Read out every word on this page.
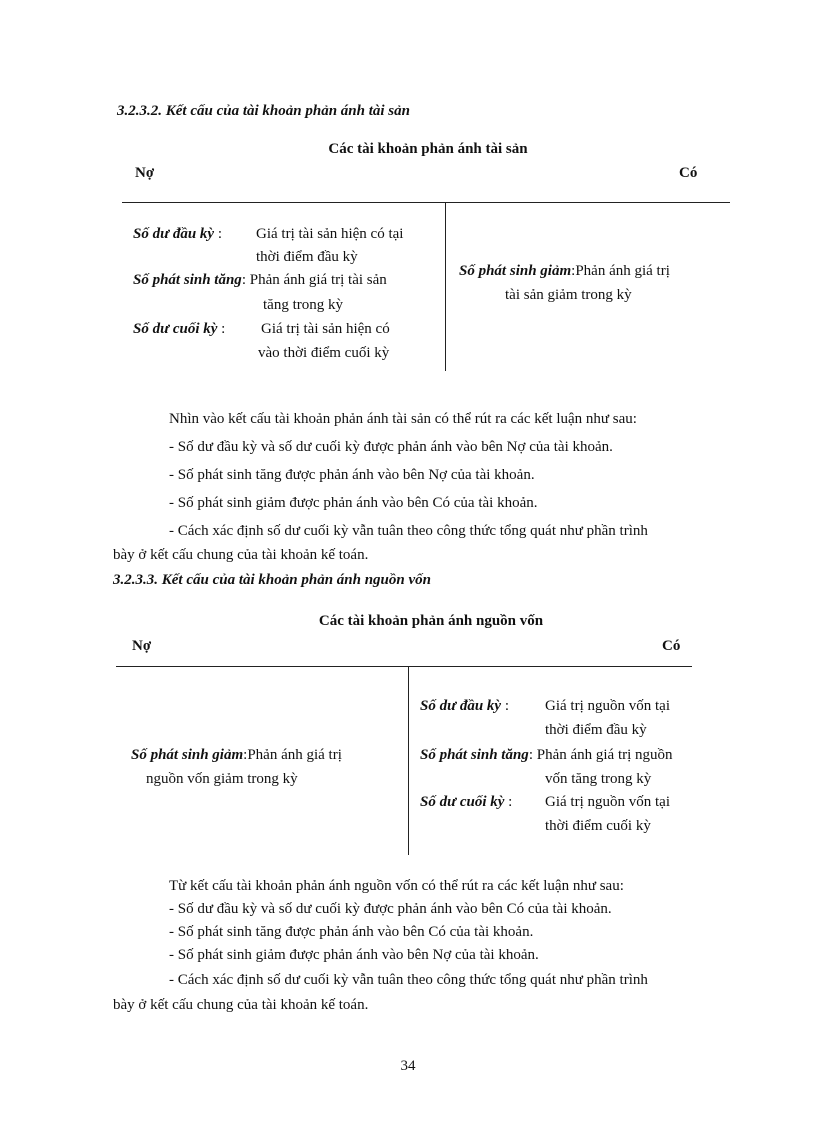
3.2.3.2. Kết cấu của tài khoản phản ánh tài sản
Các tài khoản phản ánh tài sản
Nợ	Có
Số dư đầu kỳ : Giá trị tài sản hiện có tại
thời điểm đầu kỳ
Số phát sinh tăng: Phản ánh giá trị tài sản
tăng trong kỳ
Số dư cuối kỳ : Giá trị tài sản hiện có
vào thời điểm cuối kỳ
Số phát sinh giảm:Phản ánh giá trị
tài sản giảm trong kỳ
Nhìn vào kết cấu tài khoản phản ánh tài sản có thể rút ra các kết luận như sau:
- Số dư đầu kỳ và số dư cuối kỳ được phản ánh vào bên Nợ của tài khoản.
- Số phát sinh tăng được phản ánh vào bên Nợ của tài khoản.
- Số phát sinh giảm được phản ánh vào bên Có của tài khoản.
- Cách xác định số dư cuối kỳ vẫn tuân theo công thức tổng quát như phần trình
bày ở kết cấu chung của tài khoản kế toán.
3.2.3.3. Kết cấu của tài khoản phản ánh nguồn vốn
Các tài khoản phản ánh nguồn vốn
Nợ	Có
Số phát sinh giảm:Phản ánh giá trị
nguồn vốn giảm trong kỳ
Số dư đầu kỳ : Giá trị nguồn vốn tại
thời điểm đầu kỳ
Số phát sinh tăng: Phản ánh giá trị nguồn
vốn tăng trong kỳ
Số dư cuối kỳ : Giá trị nguồn vốn tại
thời điểm cuối kỳ
Từ kết cấu tài khoản phản ánh nguồn vốn có thể rút ra các kết luận như sau:
- Số dư đầu kỳ và số dư cuối kỳ được phản ánh vào bên Có của tài khoản.
- Số phát sinh tăng được phản ánh vào bên Có của tài khoản.
- Số phát sinh giảm được phản ánh vào bên Nợ của tài khoản.
- Cách xác định số dư cuối kỳ vẫn tuân theo công thức tổng quát như phần trình
bày ở kết cấu chung của tài khoản kế toán.
34
